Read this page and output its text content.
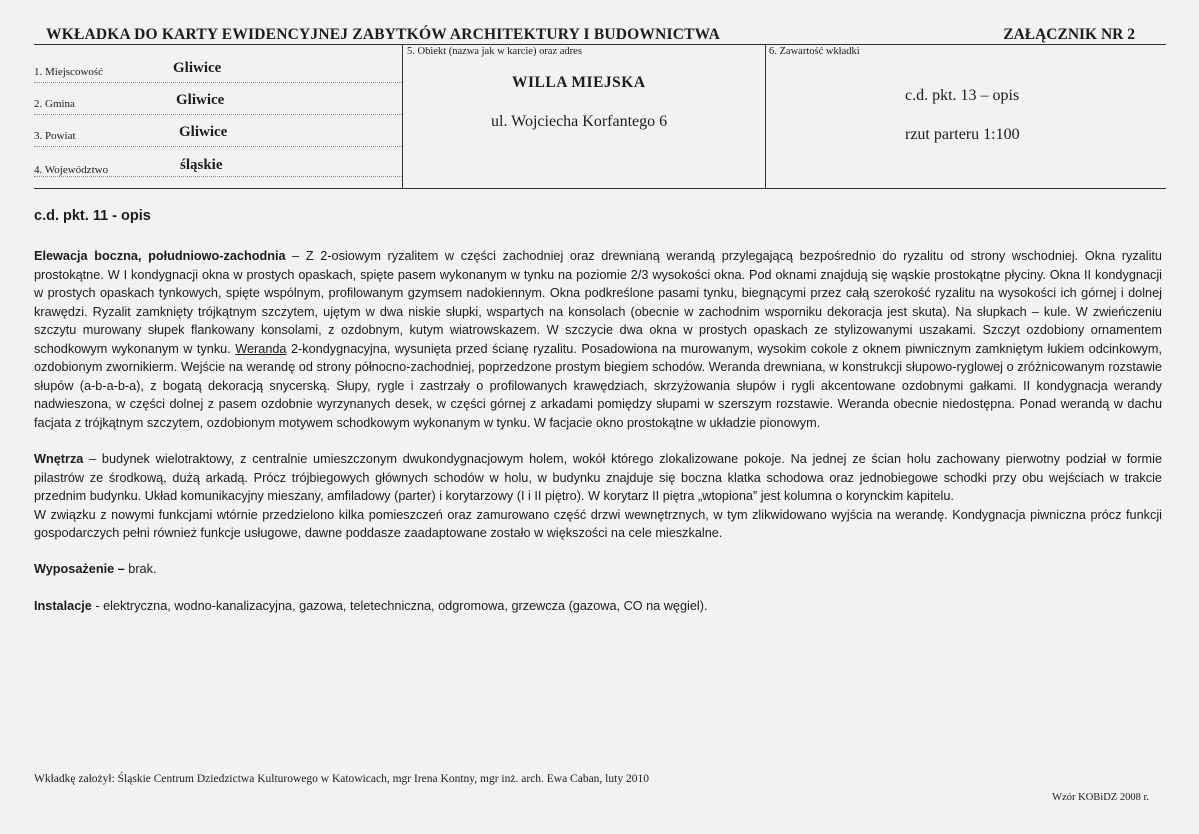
WKŁADKA DO KARTY EWIDENCYJNEJ ZABYTKÓW ARCHITEKTURY I BUDOWNICTWA	ZAŁĄCZNIK NR 2
1. Miejscowość	Gliwice
2. Gmina	Gliwice
3. Powiat	Gliwice
4. Województwo	śląskie
5. Obiekt (nazwa jak w karcie) oraz adres
WILLA MIEJSKA
ul. Wojciecha Korfantego 6
6. Zawartość wkładki
c.d. pkt. 13 – opis
rzut parteru 1:100
c.d. pkt. 11 - opis
Elewacja boczna, południowo-zachodnia – Z 2-osiowym ryzalitem w części zachodniej oraz drewnianą werandą przylegającą bezpośrednio do ryzalitu od strony wschodniej. Okna ryzalitu prostokątne. W I kondygnacji okna w prostych opaskach, spięte pasem wykonanym w tynku na poziomie 2/3 wysokości okna. Pod oknami znajdują się wąskie prostokątne płyciny. Okna II kondygnacji w prostych opaskach tynkowych, spięte wspólnym, profilowanym gzymsem nadokiennym. Okna podkreślone pasami tynku, biegnącymi przez całą szerokość ryzalitu na wysokości ich górnej i dolnej krawędzi. Ryzalit zamknięty trójkątnym szczytem, ujętym w dwa niskie słupki, wspartych na konsolach (obecnie w zachodnim wsporniku dekoracja jest skuta). Na słupkach – kule. W zwieńczeniu szczytu murowany słupek flankowany konsolami, z ozdobnym, kutym wiatrowskazem. W szczycie dwa okna w prostych opaskach ze stylizowanymi uszakami. Szczyt ozdobiony ornamentem schodkowym wykonanym w tynku. Weranda 2-kondygnacyjna, wysunięta przed ścianę ryzalitu. Posadowiona na murowanym, wysokim cokole z oknem piwnicznym zamkniętym łukiem odcinkowym, ozdobionym zwornikierm. Wejście na werandę od strony północno-zachodniej, poprzedzone prostym biegiem schodów. Weranda drewniana, w konstrukcji słupowo-ryglowej o zróżnicowanym rozstawie słupów (a-b-a-b-a), z bogatą dekoracją snycerską. Słupy, rygle i zastrzały o profilowanych krawędziach, skrzyżowania słupów i rygli akcentowane ozdobnymi gałkami. II kondygnacja werandy nadwieszona, w części dolnej z pasem ozdobnie wyrzynanych desek, w części górnej z arkadami pomiędzy słupami w szerszym rozstawie. Weranda obecnie niedostępna. Ponad werandą w dachu facjata z trójkątnym szczytem, ozdobionym motywem schodkowym wykonanym w tynku. W facjacie okno prostokątne w układzie pionowym.
Wnętrza – budynek wielotraktowy, z centralnie umieszczonym dwukondygnacjowym holem, wokół którego zlokalizowane pokoje. Na jednej ze ścian holu zachowany pierwotny podział w formie pilastrów ze środkową, dużą arkadą. Prócz trójbiegowych głównych schodów w holu, w budynku znajduje się boczna klatka schodowa oraz jednobiegowe schodki przy obu wejściach w trakcie przednim budynku. Układ komunikacyjny mieszany, amfiladowy (parter) i korytarzowy (I i II piętro). W korytarz II piętra „wtopiona” jest kolumna o korynckim kapitelu.
W związku z nowymi funkcjami wtórnie przedzielono kilka pomieszczeń oraz zamurowano część drzwi wewnętrznych, w tym zlikwidowano wyjścia na werandę. Kondygnacja piwniczna prócz funkcji gospodarczych pełni również funkcje usługowe, dawne poddasze zaadaptowane zostało w większości na cele mieszkalne.
Wyposażenie – brak.
Instalacje - elektryczna, wodno-kanalizacyjna, gazowa, teletechniczna, odgromowa, grzewcza (gazowa, CO na węgiel).
Wkładkę założył: Śląskie Centrum Dziedzictwa Kulturowego w Katowicach, mgr Irena Kontny, mgr inż. arch. Ewa Caban, luty 2010
Wzór KOBiDZ 2008 r.
